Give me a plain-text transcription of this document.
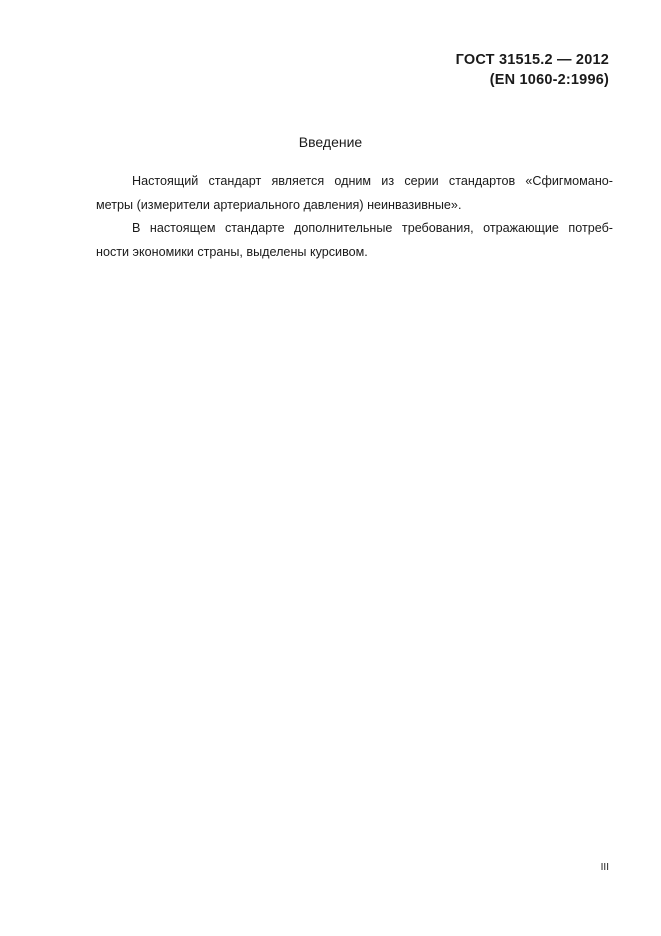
ГОСТ 31515.2 — 2012
(EN 1060-2:1996)
Введение

Настоящий стандарт является одним из серии стандартов «Сфигмомано-
метры (измерители артериального давления) неинвазивные».

В настоящем стандарте дополнительные требования, отражающие потреб-
ности экономики страны, выделены курсивом.

III
